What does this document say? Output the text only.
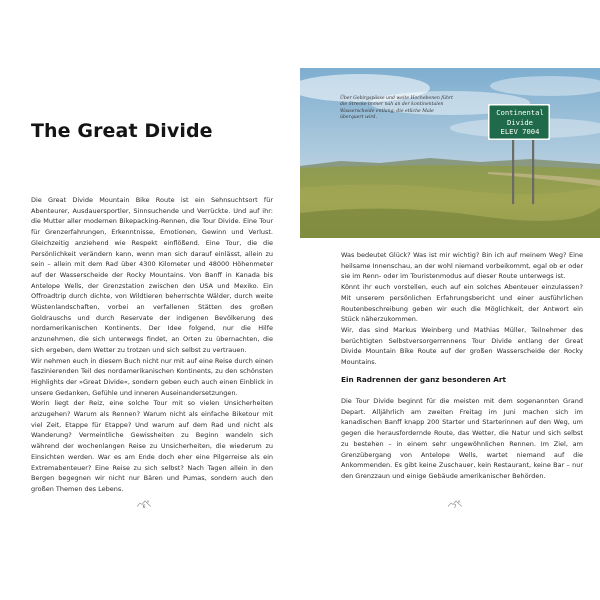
The Great Divide

Die Great Divide Mountain Bike Route ist ein Sehnsuchtsort für Abenteurer, Ausdauersportler, Sinnsuchende und Verrückte. Und auf ihr: die Mutter aller modernen Bikepacking-Rennen, die Tour Divide. Eine Tour für Grenzerfahrungen, Erkenntnisse, Emotionen, Gewinn und Verlust. Gleichzeitig anziehend wie Respekt einflößend. Eine Tour, die die Persönlichkeit verändern kann, wenn man sich darauf einlässt, allein zu sein – allein mit dem Rad über 4300 Kilometer und 48000 Höhenmeter auf der Wasserscheide der Rocky Mountains. Von Banff in Kanada bis Antelope Wells, der Grenzstation zwischen den USA und Mexiko. Ein Offroadtrip durch dichte, von Wildtieren beherrschte Wälder, durch weite Wüstenlandschaften, vorbei an verfallenen Stätten des großen Goldrauschs und durch Reservate der indigenen Bevölkerung des nordamerikanischen Kontinents. Der Idee folgend, nur die Hilfe anzunehmen, die sich unterwegs findet, an Orten zu übernachten, die sich ergeben, dem Wetter zu trotzen und sich selbst zu vertrauen.

Wir nehmen euch in diesem Buch nicht nur mit auf eine Reise durch einen faszinierenden Teil des nordamerikanischen Kontinents, zu den schönsten Highlights der »Great Divide«, sondern geben euch auch einen Einblick in unsere Gedanken, Gefühle und inneren Auseinandersetzungen.

Worin liegt der Reiz, eine solche Tour mit so vielen Unsicherheiten anzugehen? Warum als Rennen? Warum nicht als einfache Biketour mit viel Zeit, Etappe für Etappe? Und warum auf dem Rad und nicht als Wanderung? Vermeintliche Gewissheiten zu Beginn wandeln sich während der wochenlangen Reise zu Unsicherheiten, die wiederum zu Einsichten werden. War es am Ende doch eher eine Pilgerreise als ein Extremabenteuer? Eine Reise zu sich selbst? Nach Tagen allein in den Bergen begegnen wir nicht nur Bären und Pumas, sondern auch den großen Themen des Lebens.

6	7

Über Gebirgspässe und weite Hochebenen führt die Strecke immer nah an der kontinentalen Wasserscheide entlang, die etliche Male überquert wird.

Continental
Divide
ELEV 7004

Was bedeutet Glück? Was ist mir wichtig? Bin ich auf meinem Weg? Eine heilsame Innenschau, an der wohl niemand vorbeikommt, egal ob er oder sie im Renn- oder im Touristenmodus auf dieser Route unterwegs ist.

Könnt ihr euch vorstellen, euch auf ein solches Abenteuer einzulassen? Mit unserem persönlichen Erfahrungsbericht und einer ausführlichen Routenbeschreibung geben wir euch die Möglichkeit, der Antwort ein Stück näherzukommen.

Wir, das sind Markus Weinberg und Mathias Müller, Teilnehmer des berüchtigten Selbstversorgerrennens Tour Divide entlang der Great Divide Mountain Bike Route auf der großen Wasserscheide der Rocky Mountains.

Ein Radrennen der ganz besonderen Art

Die Tour Divide beginnt für die meisten mit dem sogenannten Grand Depart. Alljährlich am zweiten Freitag im Juni machen sich im kanadischen Banff knapp 200 Starter und Starterinnen auf den Weg, um gegen die herausfordernde Route, das Wetter, die Natur und sich selbst zu bestehen – in einem sehr ungewöhnlichen Rennen. Im Ziel, am Grenzübergang von Antelope Wells, wartet niemand auf die Ankommenden. Es gibt keine Zuschauer, kein Restaurant, keine Bar – nur den Grenzzaun und einige Gebäude amerikanischer Behörden.
